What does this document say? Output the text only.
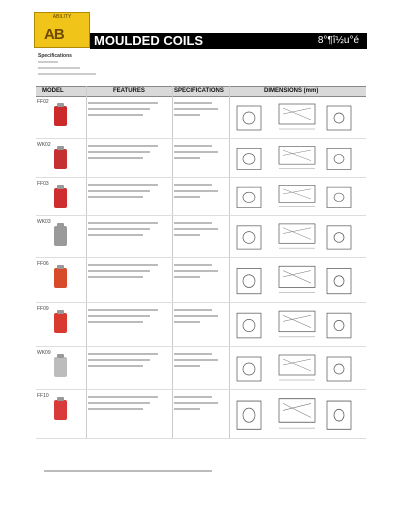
ABILITY
AB MOULDED COILS	8°¶î½u°é
Specifications
MODEL	FEATURES	SPECIFICATIONS	DIMENSIONS (mm)
FF02
WK02
FF03
WK03
FF06
FF09
WK09
FF10
